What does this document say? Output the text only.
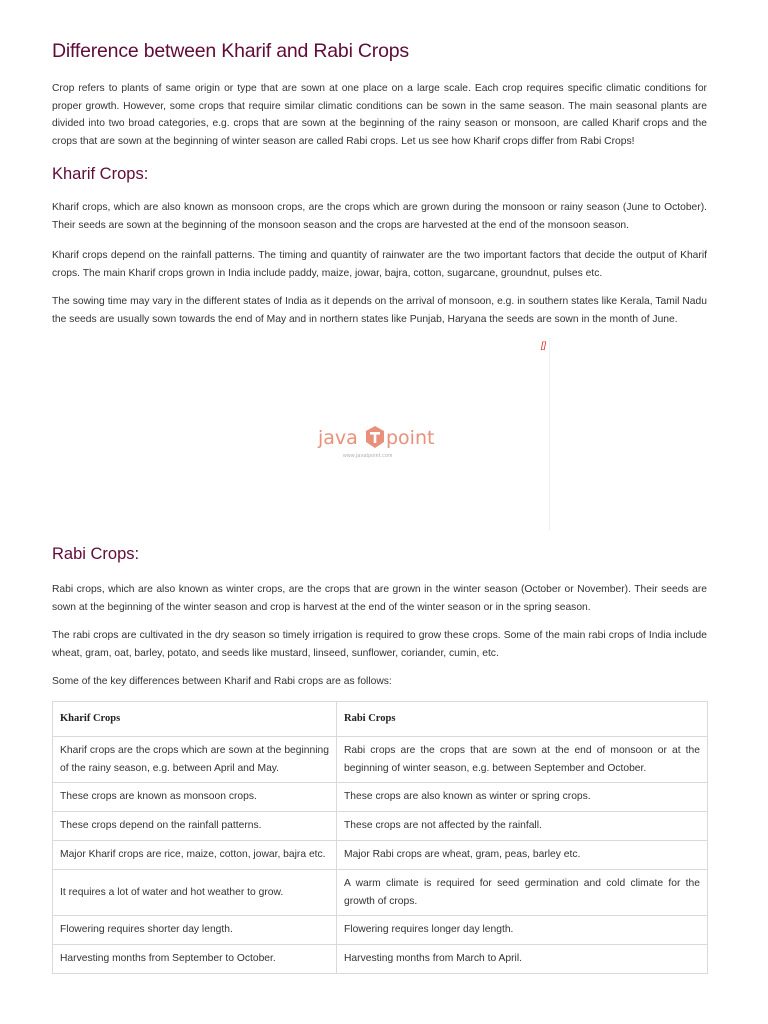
Difference between Kharif and Rabi Crops

Crop refers to plants of same origin or type that are sown at one place on a large scale. Each crop requires specific climatic conditions for proper growth. However, some crops that require similar climatic conditions can be sown in the same season. The main seasonal plants are divided into two broad categories, e.g. crops that are sown at the beginning of the rainy season or monsoon, are called Kharif crops and the crops that are sown at the beginning of winter season are called Rabi crops. Let us see how Kharif crops differ from Rabi Crops!

Kharif Crops:

Kharif crops, which are also known as monsoon crops, are the crops which are grown during the monsoon or rainy season (June to October). Their seeds are sown at the beginning of the monsoon season and the crops are harvested at the end of the monsoon season.

Kharif crops depend on the rainfall patterns. The timing and quantity of rainwater are the two important factors that decide the output of Kharif crops. The main Kharif crops grown in India include paddy, maize, jowar, bajra, cotton, sugarcane, groundnut, pulses etc.

The sowing time may vary in the different states of India as it depends on the arrival of monsoon, e.g. in southern states like Kerala, Tamil Nadu the seeds are usually sown towards the end of May and in northern states like Punjab, Haryana the seeds are sown in the month of June.

[]
java point
www.javatpoint.com
Rabi Crops:

Rabi crops, which are also known as winter crops, are the crops that are grown in the winter season (October or November). Their seeds are sown at the beginning of the winter season and crop is harvest at the end of the winter season or in the spring season.

The rabi crops are cultivated in the dry season so timely irrigation is required to grow these crops. Some of the main rabi crops of India include wheat, gram, oat, barley, potato, and seeds like mustard, linseed, sunflower, coriander, cumin, etc.

Some of the key differences between Kharif and Rabi crops are as follows:

Kharif Crops	Rabi Crops
Kharif crops are the crops which are sown at the beginning of the rainy season, e.g. between April and May.	Rabi crops are the crops that are sown at the end of monsoon or at the beginning of winter season, e.g. between September and October.
These crops are known as monsoon crops.	These crops are also known as winter or spring crops.
These crops depend on the rainfall patterns.	These crops are not affected by the rainfall.
Major Kharif crops are rice, maize, cotton, jowar, bajra etc.	Major Rabi crops are wheat, gram, peas, barley etc.
It requires a lot of water and hot weather to grow.	A warm climate is required for seed germination and cold climate for the growth of crops.
Flowering requires shorter day length.	Flowering requires longer day length.
Harvesting months from September to October.	Harvesting months from March to April.
